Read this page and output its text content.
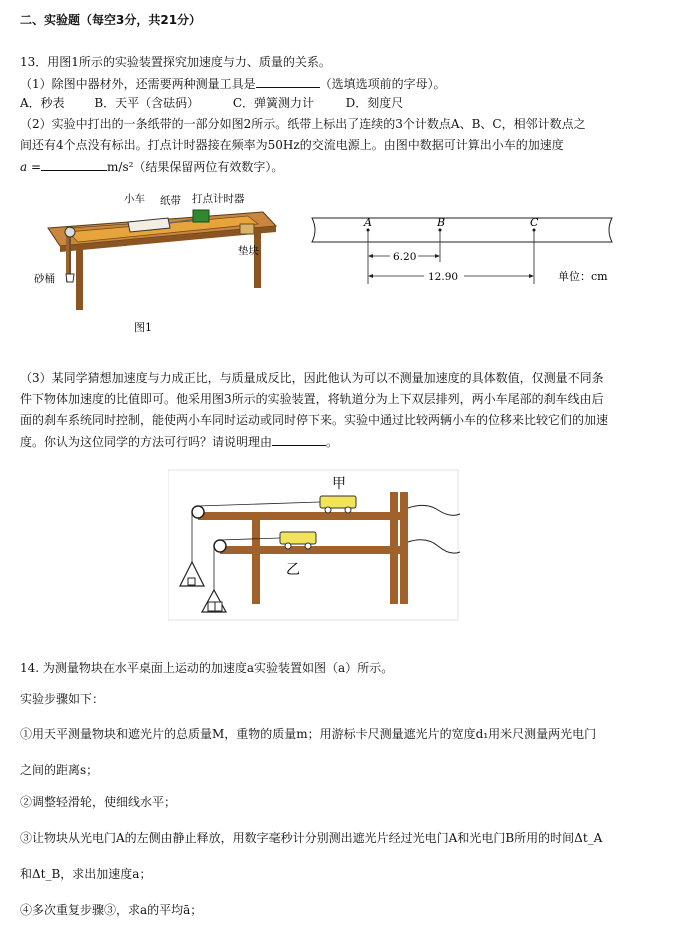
二、实验题（每空3分，共21分）
13．用图1所示的实验装置探究加速度与力、质量的关系。
（1）除图中器材外，还需要两种测量工具是	（选填选项前的字母）。
A．秒表 B．天平（含砝码）	C．弹簧测力计	D．刻度尺
（2）实验中打出的一条纸带的一部分如图2所示。纸带上标出了连续的3个计数点A、B、C，相邻计数点之
间还有4个点没有标出。打点计时器接在频率为50Hz的交流电源上。由图中数据可计算出小车的加速度
a =	m/s²（结果保留两位有效数字）。
小车 纸带 打点计时器
垫块
砂桶
图1
A	B	C
6.20
12.90	单位：cm
（3）某同学猜想加速度与力成正比，与质量成反比，因此他认为可以不测量加速度的具体数值，仅测量不同条
件下物体加速度的比值即可。他采用图3所示的实验装置，将轨道分为上下双层排列，两小车尾部的刹车线由后
面的刹车系统同时控制，能使两小车同时运动或同时停下来。实验中通过比较两辆小车的位移来比较它们的加速
度。你认为这位同学的方法可行吗？请说明理由	。
甲
乙
14. 为测量物块在水平桌面上运动的加速度a实验装置如图（a）所示。
实验步骤如下：
①用天平测量物块和遮光片的总质量M，重物的质量m；用游标卡尺测量遮光片的宽度d₁用米尺测量两光电门
之间的距离s；
②调整轻滑轮，使细线水平；
③让物块从光电门A的左侧由静止释放，用数字毫秒计分别测出遮光片经过光电门A和光电门B所用的时间Δt_A
和Δt_B，求出加速度a；
④多次重复步骤③，求a的平均ā；
